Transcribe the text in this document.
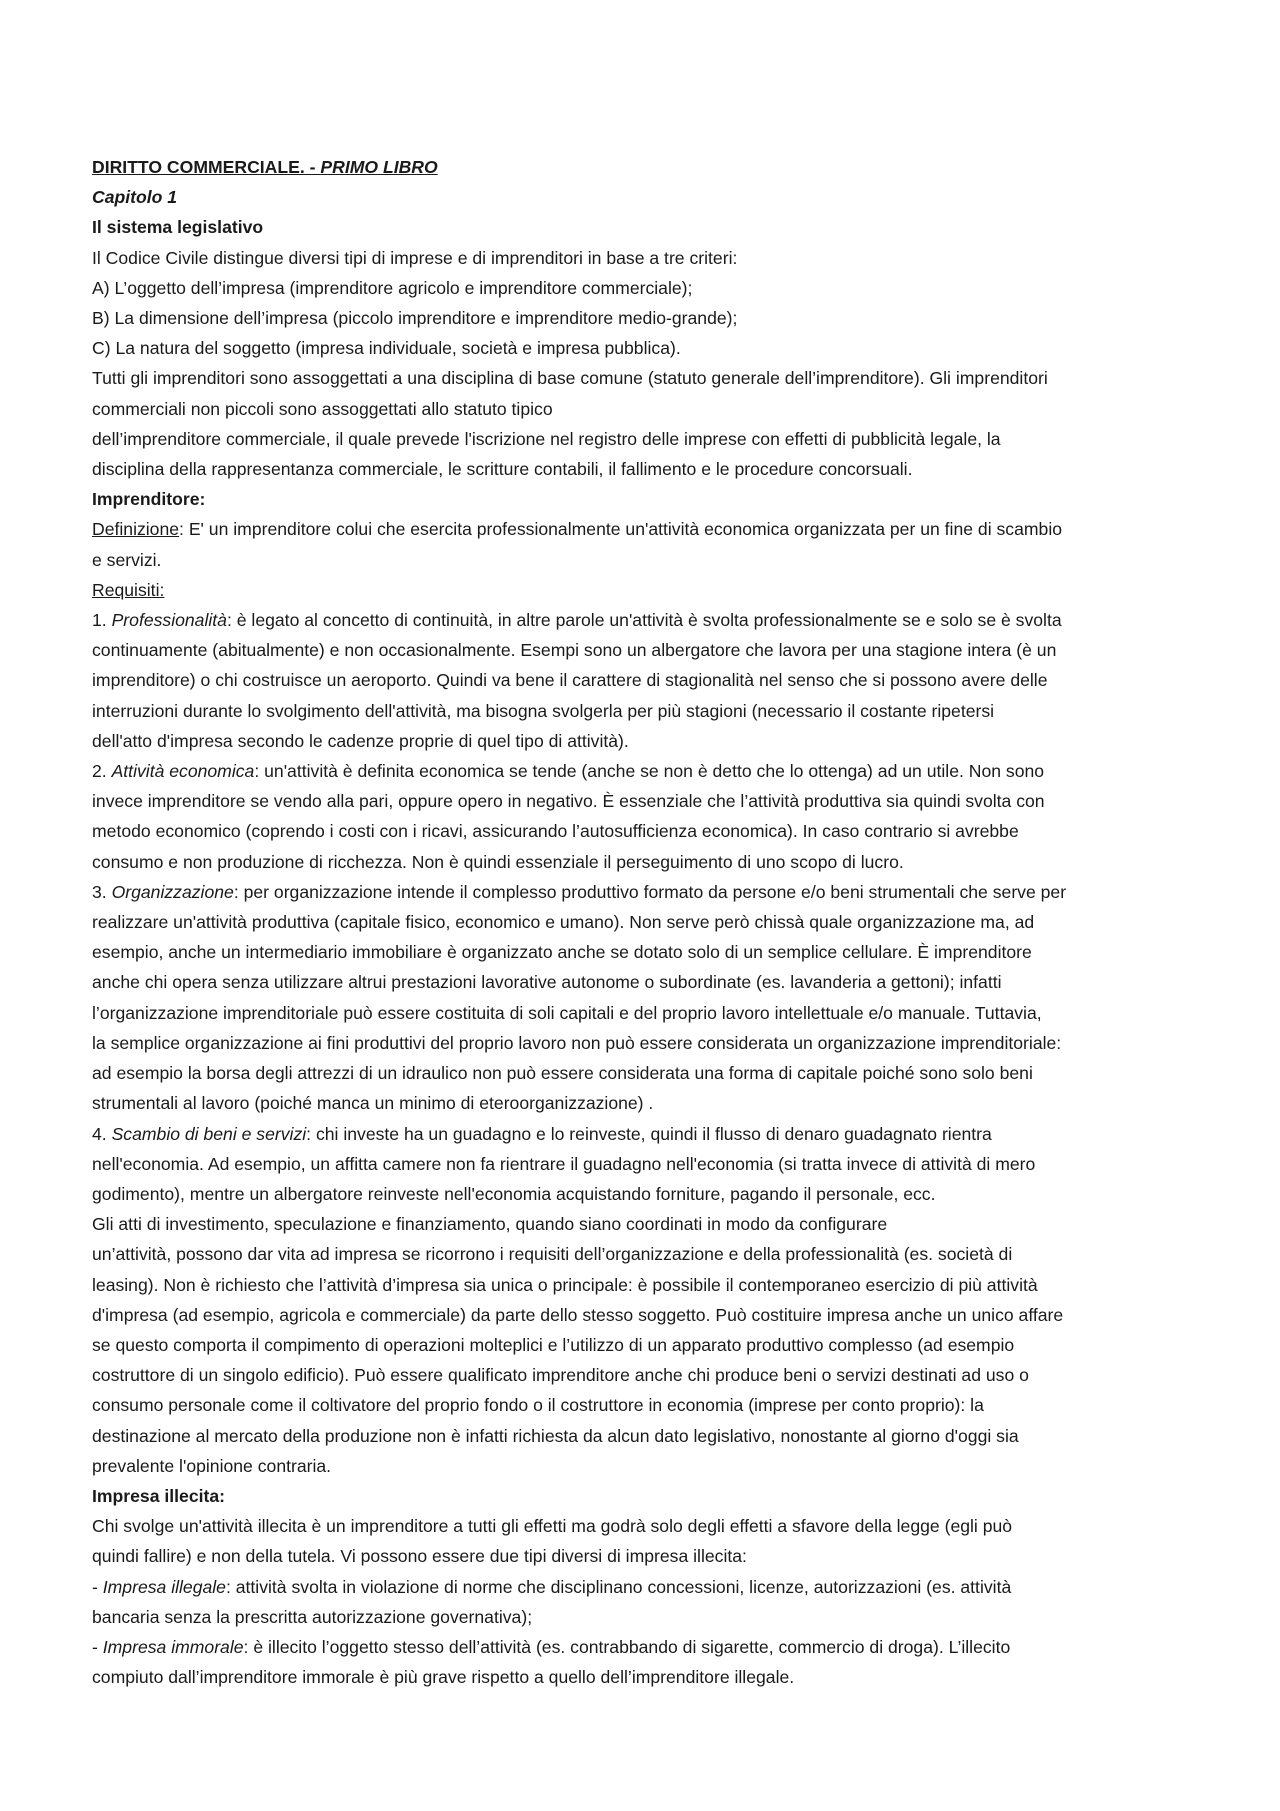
DIRITTO COMMERCIALE. - PRIMO LIBRO
Capitolo 1
Il sistema legislativo
Il Codice Civile distingue diversi tipi di imprese e di imprenditori in base a tre criteri:
A) L’oggetto dell’impresa (imprenditore agricolo e imprenditore commerciale);
B) La dimensione dell’impresa (piccolo imprenditore e imprenditore medio-grande);
C) La natura del soggetto (impresa individuale, società e impresa pubblica).
Tutti gli imprenditori sono assoggettati a una disciplina di base comune (statuto generale dell’imprenditore). Gli imprenditori
commerciali non piccoli sono assoggettati allo statuto tipico
dell’imprenditore commerciale, il quale prevede l'iscrizione nel registro delle imprese con effetti di pubblicità legale, la
disciplina della rappresentanza commerciale, le scritture contabili, il fallimento e le procedure concorsuali.
Imprenditore:
Definizione: E' un imprenditore colui che esercita professionalmente un'attività economica organizzata per un fine di scambio
e servizi.
Requisiti:
1. Professionalità: è legato al concetto di continuità, in altre parole un'attività è svolta professionalmente se e solo se è svolta
continuamente (abitualmente) e non occasionalmente. Esempi sono un albergatore che lavora per una stagione intera (è un
imprenditore) o chi costruisce un aeroporto. Quindi va bene il carattere di stagionalità nel senso che si possono avere delle
interruzioni durante lo svolgimento dell'attività, ma bisogna svolgerla per più stagioni (necessario il costante ripetersi
dell'atto d'impresa secondo le cadenze proprie di quel tipo di attività).
2. Attività economica: un'attività è definita economica se tende (anche se non è detto che lo ottenga) ad un utile. Non sono
invece imprenditore se vendo alla pari, oppure opero in negativo. È essenziale che l’attività produttiva sia quindi svolta con
metodo economico (coprendo i costi con i ricavi, assicurando l’autosufficienza economica). In caso contrario si avrebbe
consumo e non produzione di ricchezza. Non è quindi essenziale il perseguimento di uno scopo di lucro.
3. Organizzazione: per organizzazione intende il complesso produttivo formato da persone e/o beni strumentali che serve per
realizzare un'attività produttiva (capitale fisico, economico e umano). Non serve però chissà quale organizzazione ma, ad
esempio, anche un intermediario immobiliare è organizzato anche se dotato solo di un semplice cellulare. È imprenditore
anche chi opera senza utilizzare altrui prestazioni lavorative autonome o subordinate (es. lavanderia a gettoni); infatti
l’organizzazione imprenditoriale può essere costituita di soli capitali e del proprio lavoro intellettuale e/o manuale. Tuttavia,
la semplice organizzazione ai fini produttivi del proprio lavoro non può essere considerata un organizzazione imprenditoriale:
ad esempio la borsa degli attrezzi di un idraulico non può essere considerata una forma di capitale poiché sono solo beni
strumentali al lavoro (poiché manca un minimo di eteroorganizzazione) .
4. Scambio di beni e servizi: chi investe ha un guadagno e lo reinveste, quindi il flusso di denaro guadagnato rientra
nell'economia. Ad esempio, un affitta camere non fa rientrare il guadagno nell'economia (si tratta invece di attività di mero
godimento), mentre un albergatore reinveste nell'economia acquistando forniture, pagando il personale, ecc.
Gli atti di investimento, speculazione e finanziamento, quando siano coordinati in modo da configurare
un’attività, possono dar vita ad impresa se ricorrono i requisiti dell’organizzazione e della professionalità (es. società di
leasing). Non è richiesto che l’attività d’impresa sia unica o principale: è possibile il contemporaneo esercizio di più attività
d'impresa (ad esempio, agricola e commerciale) da parte dello stesso soggetto. Può costituire impresa anche un unico affare
se questo comporta il compimento di operazioni molteplici e l’utilizzo di un apparato produttivo complesso (ad esempio
costruttore di un singolo edificio). Può essere qualificato imprenditore anche chi produce beni o servizi destinati ad uso o
consumo personale come il coltivatore del proprio fondo o il costruttore in economia (imprese per conto proprio): la
destinazione al mercato della produzione non è infatti richiesta da alcun dato legislativo, nonostante al giorno d'oggi sia
prevalente l'opinione contraria.
Impresa illecita:
Chi svolge un'attività illecita è un imprenditore a tutti gli effetti ma godrà solo degli effetti a sfavore della legge (egli può
quindi fallire) e non della tutela. Vi possono essere due tipi diversi di impresa illecita:
- Impresa illegale: attività svolta in violazione di norme che disciplinano concessioni, licenze, autorizzazioni (es. attività
bancaria senza la prescritta autorizzazione governativa);
- Impresa immorale: è illecito l’oggetto stesso dell’attività (es. contrabbando di sigarette, commercio di droga). L’illecito
compiuto dall’imprenditore immorale è più grave rispetto a quello dell’imprenditore illegale.
